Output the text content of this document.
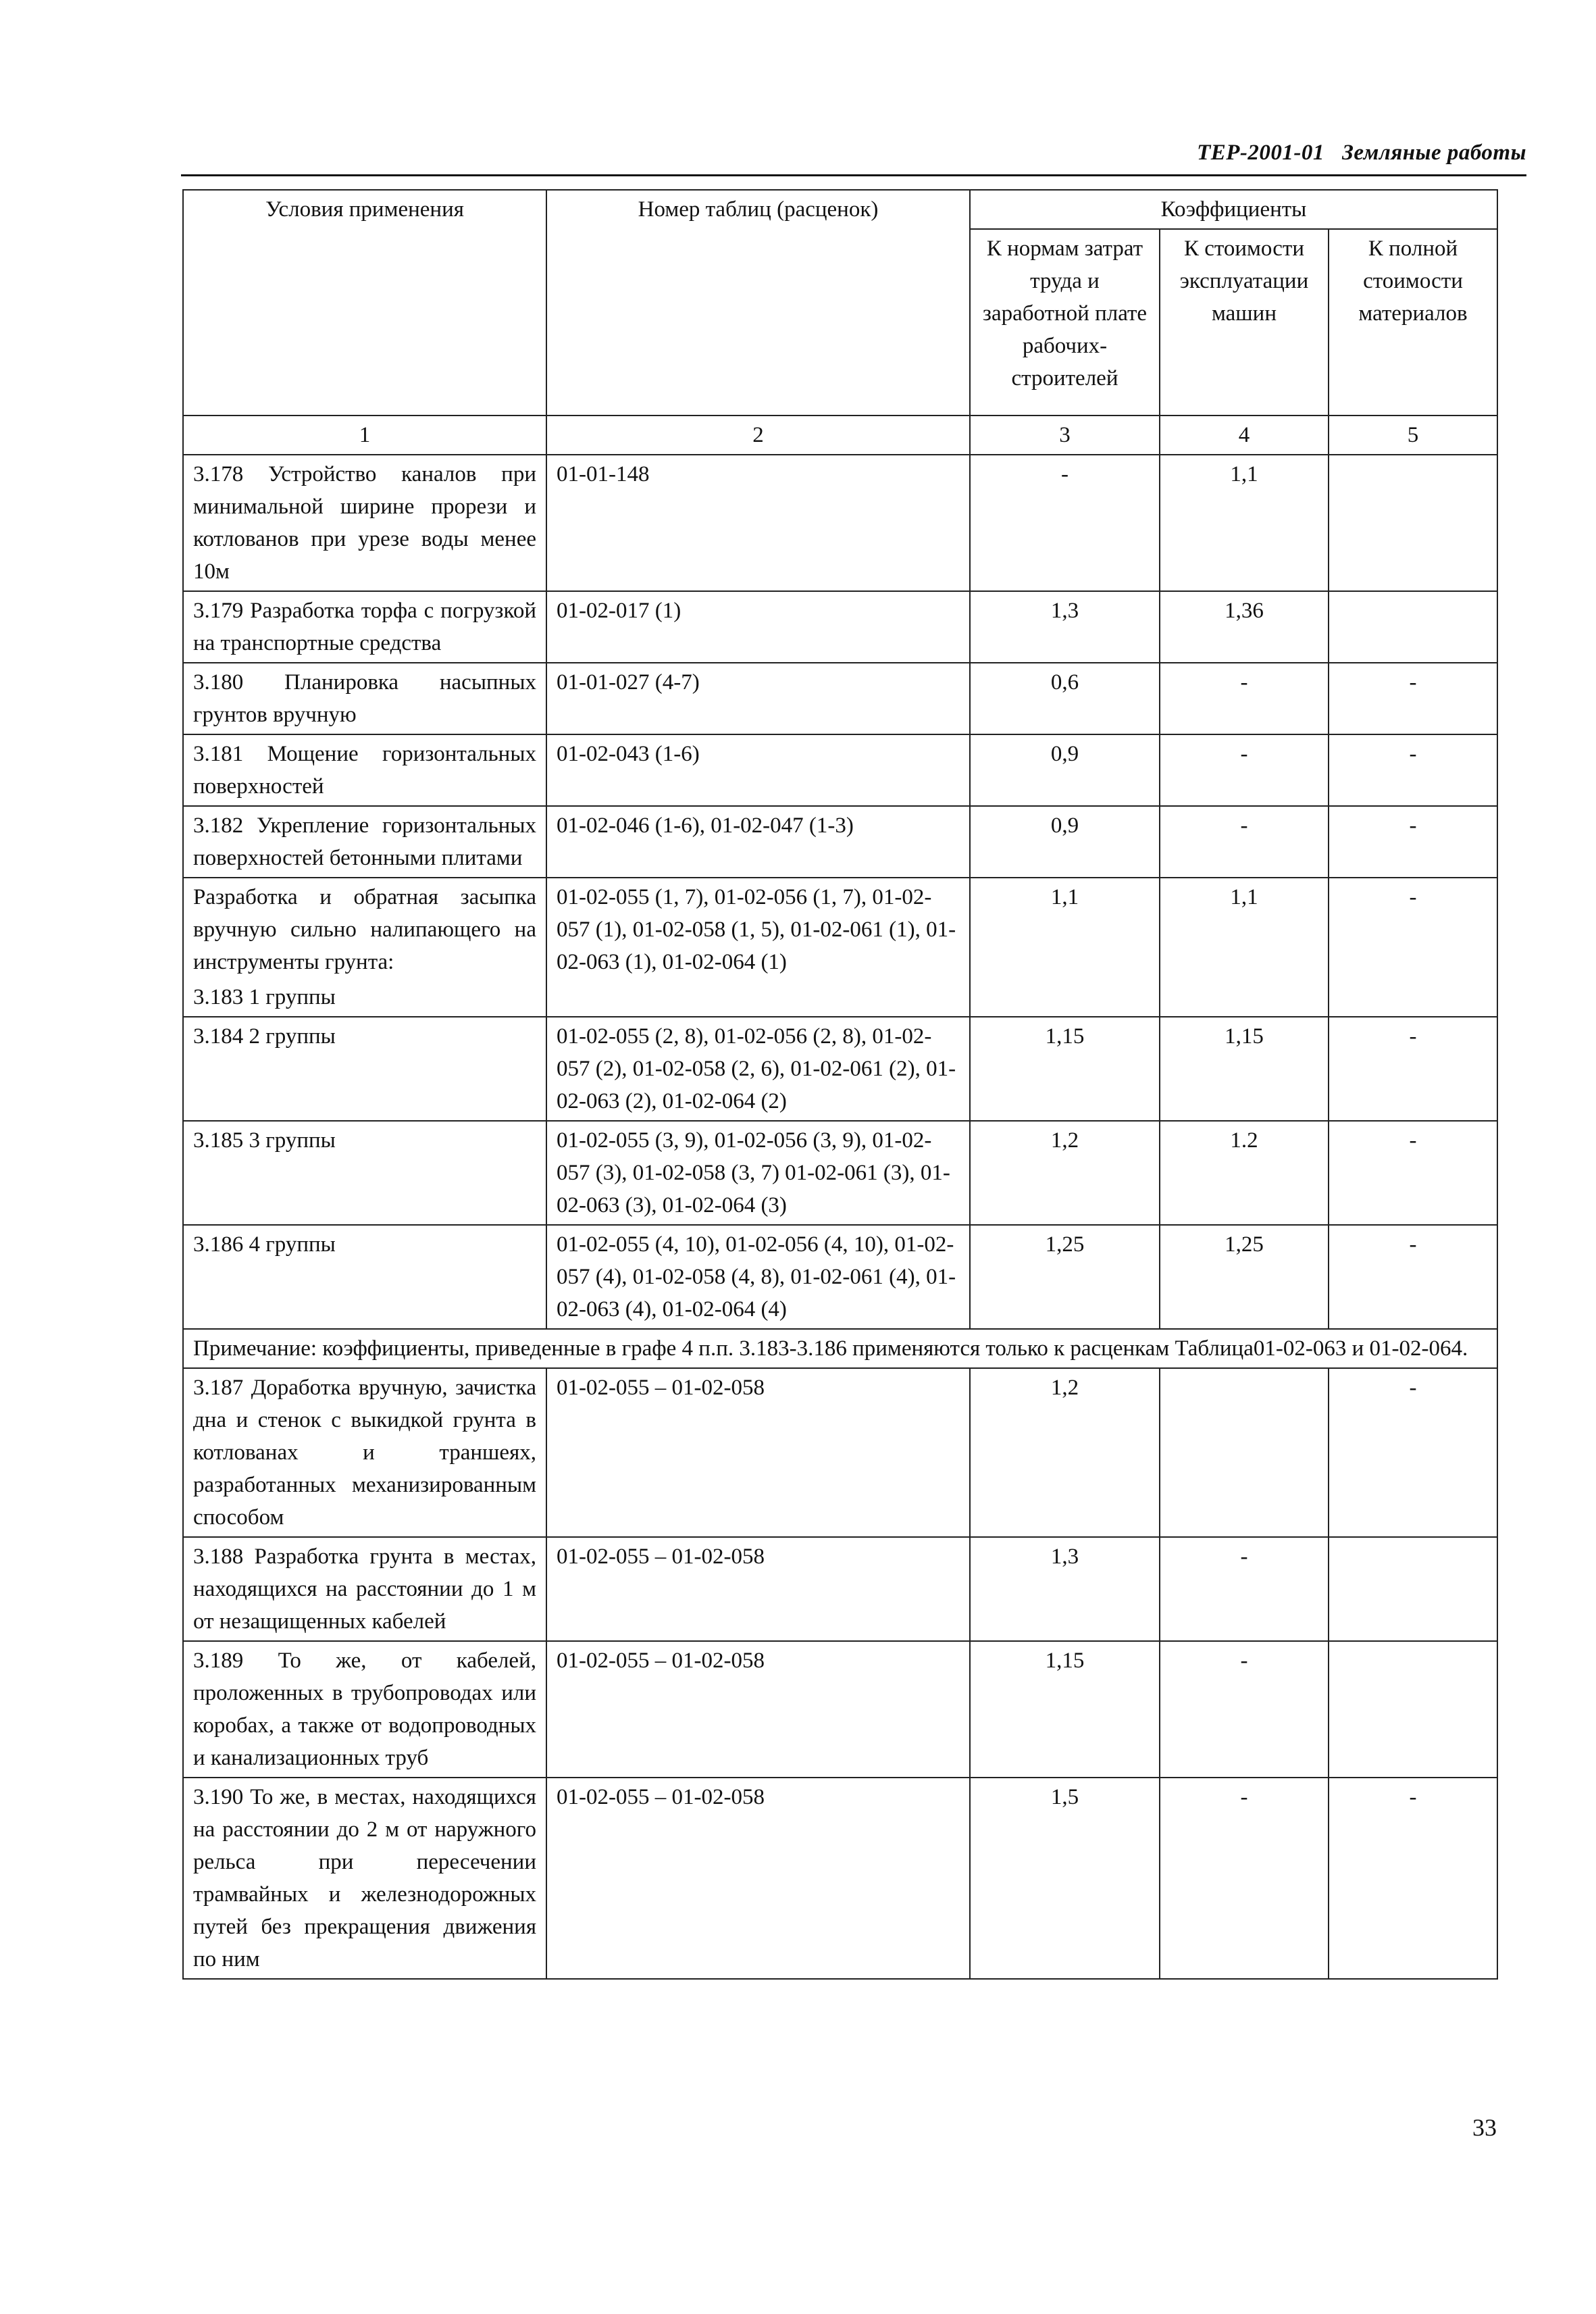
ТЕР-2001-01 Земляные работы
Условия применения	Номер таблиц (расценок)	Коэффициенты		
		К нормам затрат труда и заработной плате рабочих-строителей	К стоимости эксплуатации машин	К полной стоимости материалов
1	2	3	4	5
3.178 Устройство каналов при минимальной ширине прорези и котлованов при урезе воды менее 10м	01-01-148	-	1,1	
3.179 Разработка торфа с погрузкой на транспортные средства	01-02-017 (1)	1,3	1,36	
3.180 Планировка насыпных грунтов вручную	01-01-027 (4-7)	0,6	-	-
3.181 Мощение горизонтальных поверхностей	01-02-043 (1-6)	0,9	-	-
3.182 Укрепление горизонтальных поверхностей бетонными плитами	01-02-046 (1-6), 01-02-047 (1-3)	0,9	-	-
Разработка и обратная засыпка вручную сильно налипающего на инструменты грунта:
3.183 1 группы	01-02-055 (1, 7), 01-02-056 (1, 7), 01-02-057 (1), 01-02-058 (1, 5), 01-02-061 (1), 01-02-063 (1), 01-02-064 (1)	1,1	1,1	-
3.184 2 группы	01-02-055 (2, 8), 01-02-056 (2, 8), 01-02-057 (2), 01-02-058 (2, 6), 01-02-061 (2), 01-02-063 (2), 01-02-064 (2)	1,15	1,15	-
3.185 3 группы	01-02-055 (3, 9), 01-02-056 (3, 9), 01-02-057 (3), 01-02-058 (3, 7) 01-02-061 (3), 01-02-063 (3), 01-02-064 (3)	1,2	1.2	-
3.186 4 группы	01-02-055 (4, 10), 01-02-056 (4, 10), 01-02-057 (4), 01-02-058 (4, 8), 01-02-061 (4), 01-02-063 (4), 01-02-064 (4)	1,25	1,25	-
Примечание: коэффициенты, приведенные в графе 4 п.п. 3.183-3.186 применяются только к расценкам Таблица01-02-063 и 01-02-064.				
3.187 Доработка вручную, зачистка дна и стенок с выкидкой грунта в котлованах и траншеях, разработанных механизированным способом	01-02-055 – 01-02-058	1,2		-
3.188 Разработка грунта в местах, находящихся на расстоянии до 1 м от незащищенных кабелей	01-02-055 – 01-02-058	1,3	-	
3.189 То же, от кабелей, проложенных в трубопроводах или коробах, а также от водопроводных и канализационных труб	01-02-055 – 01-02-058	1,15	-	
3.190 То же, в местах, находящихся на расстоянии до 2 м от наружного рельса при пересечении трамвайных и железнодорожных путей без прекращения движения по ним	01-02-055 – 01-02-058	1,5	-	-
33
